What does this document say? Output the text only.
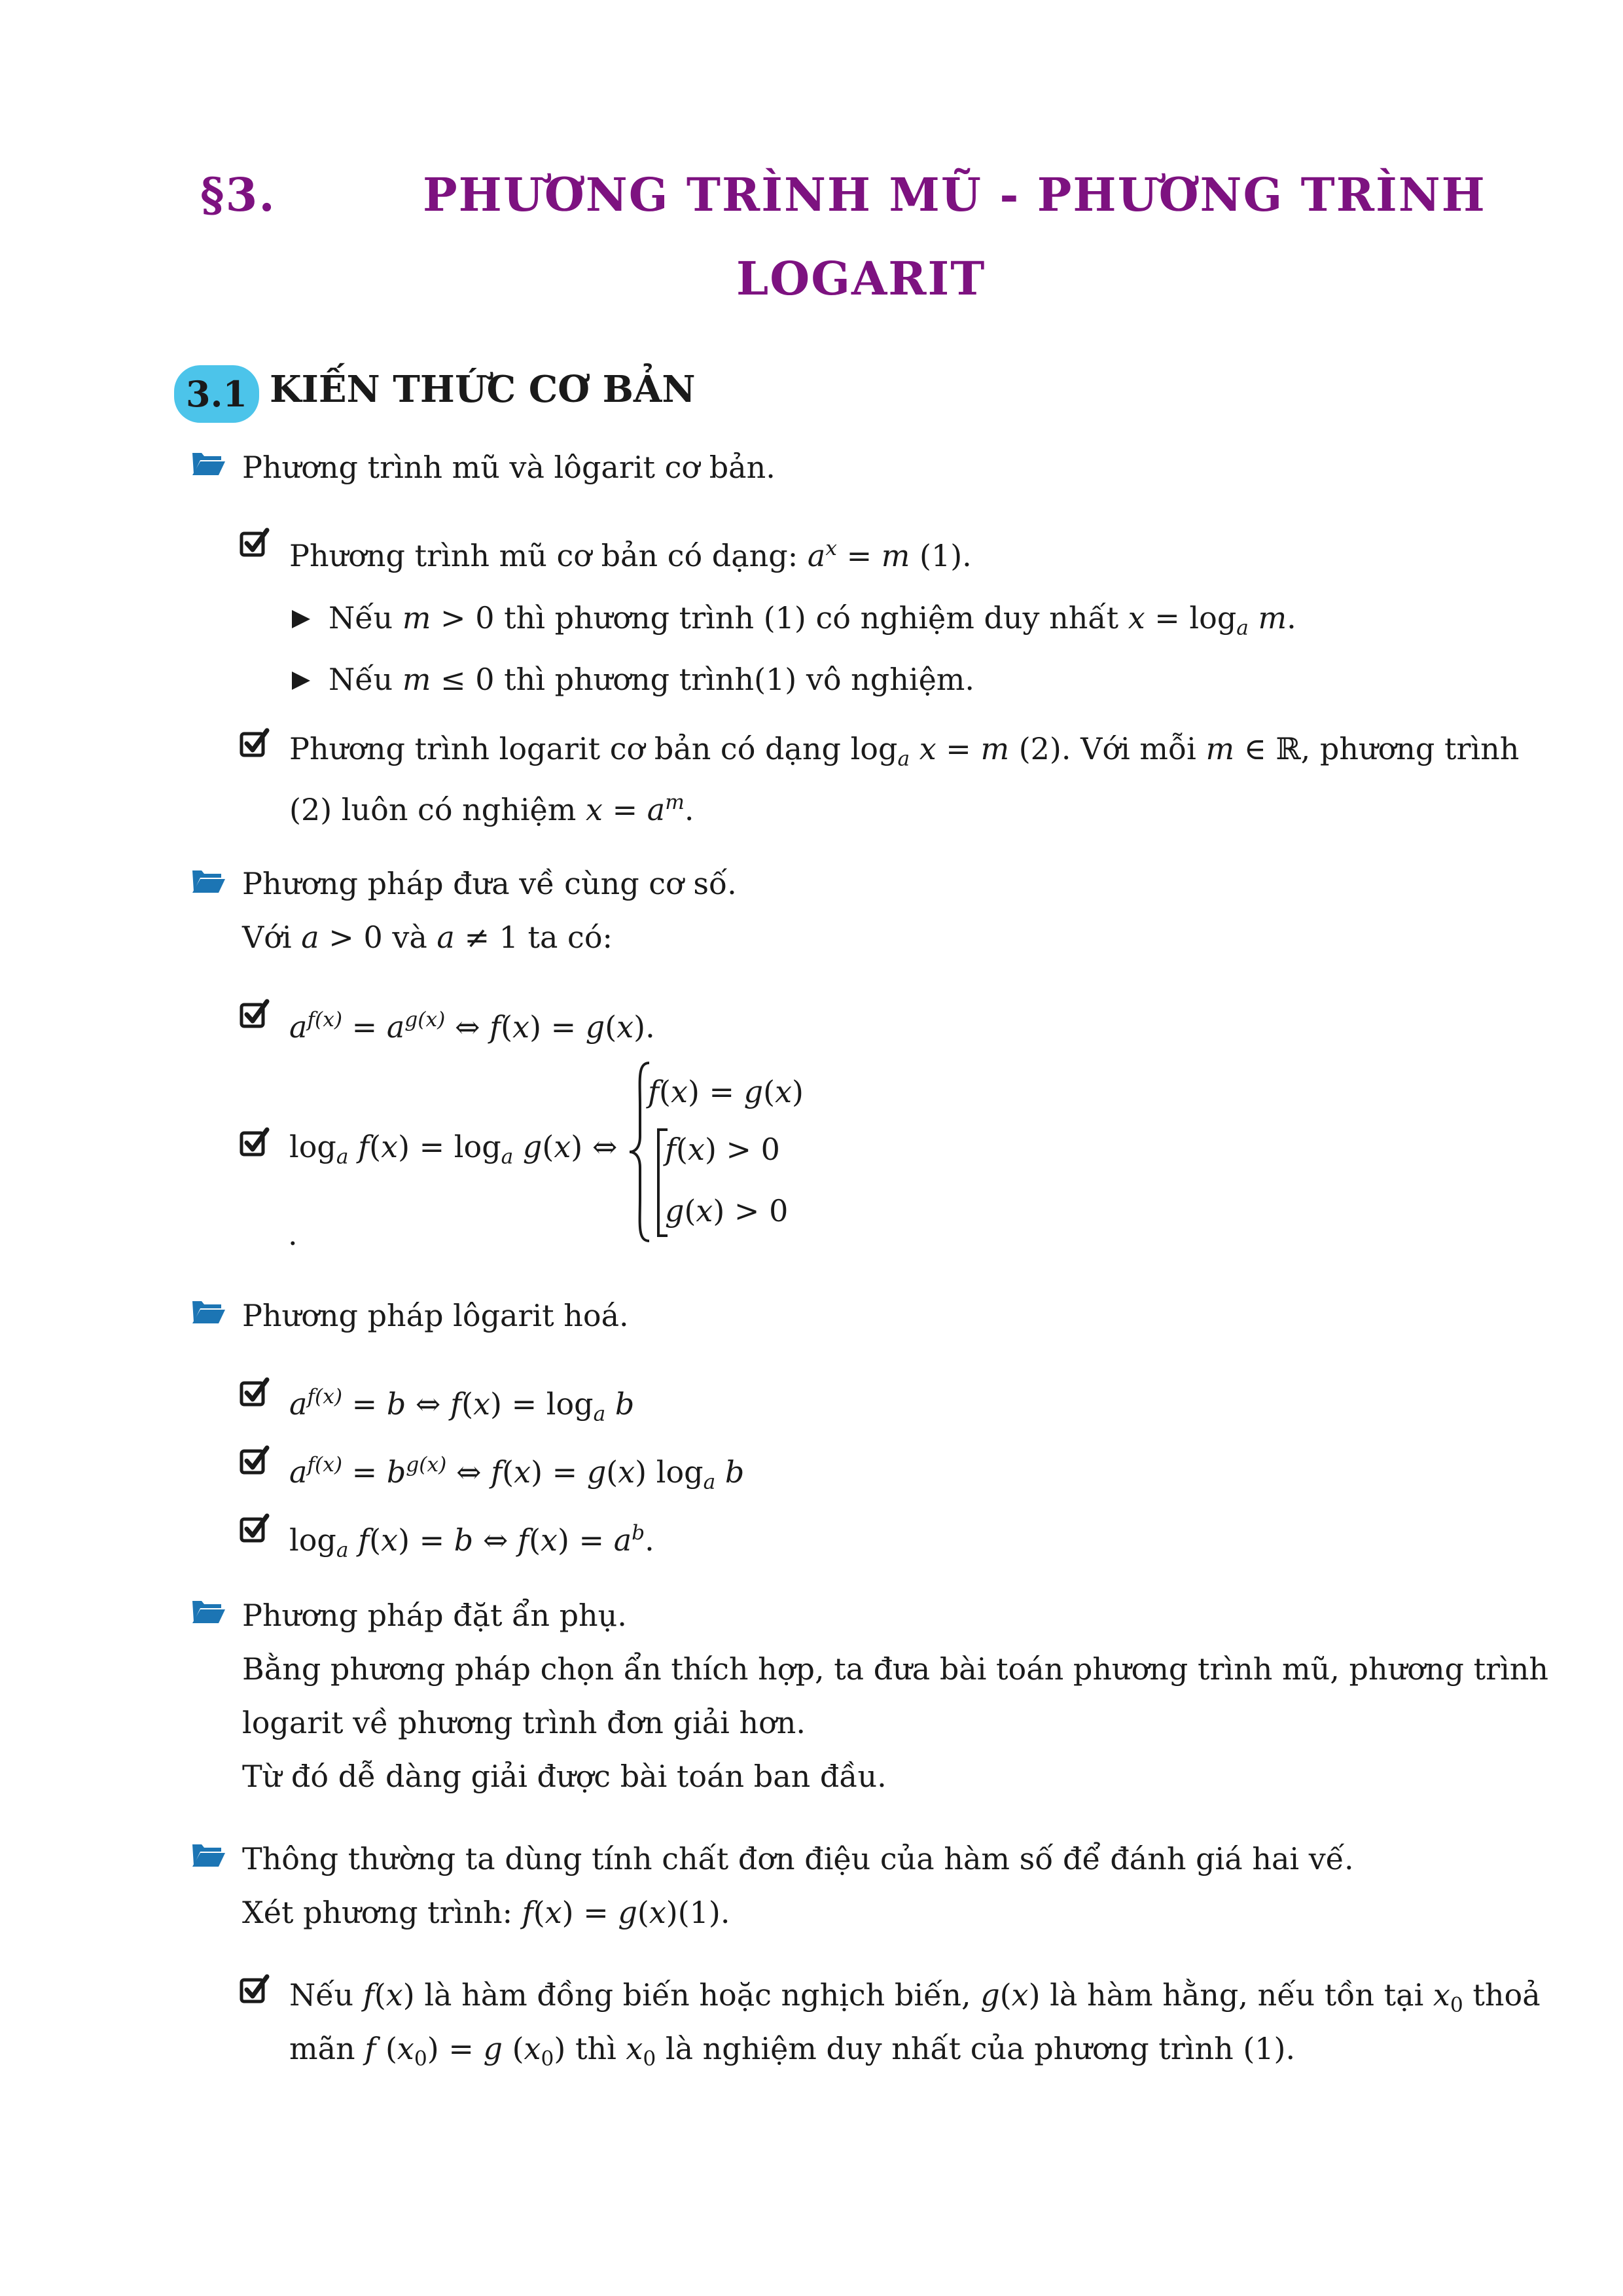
§3.	PHƯƠNG TRÌNH MŨ - PHƯƠNG TRÌNH
LOGARIT
3.1 KIẾN THỨC CƠ BẢN
Phương trình mũ và lôgarit cơ bản.
Phương trình mũ cơ bản có dạng: $a^x = m$ (1).
Nếu m > 0 thì phương trình (1) có nghiệm duy nhất $x = \log_a m$.
Nếu m ≤ 0 thì phương trình(1) vô nghiệm.
Phương trình logarit cơ bản có dạng $\log_a x = m$ (2). Với mỗi m ∈ ℝ, phương trình
(2) luôn có nghiệm $x = a^m$.
Phương pháp đưa về cùng cơ số.
Với a > 0 và a ≠ 1 ta có:
$a^{f(x)} = a^{g(x)}$ ⇔ f(x) = g(x).
$\log_a f(x) = \log_a g(x)$ ⇔
f(x) = g(x)
f(x) > 0
g(x) > 0
.
Phương pháp lôgarit hoá.
$a^{f(x)} = b$ ⇔ $f(x) = \log_a b$
$a^{f(x)} = b^{g(x)}$ ⇔ f(x) = g(x) $\log_a b$
$\log_a f(x) = b$ ⇔ $f(x) = a^b$.
Phương pháp đặt ẩn phụ.
Bằng phương pháp chọn ẩn thích hợp, ta đưa bài toán phương trình mũ, phương trình
logarit về phương trình đơn giải hơn.
Từ đó dễ dàng giải được bài toán ban đầu.
Thông thường ta dùng tính chất đơn điệu của hàm số để đánh giá hai vế.
Xét phương trình: f(x) = g(x)(1).
Nếu f(x) là hàm đồng biến hoặc nghịch biến, g(x) là hàm hằng, nếu tồn tại $x_0$ thoả
mãn f $(x_0) = g$ $(x_0)$ thì $x_0$ là nghiệm duy nhất của phương trình (1).
